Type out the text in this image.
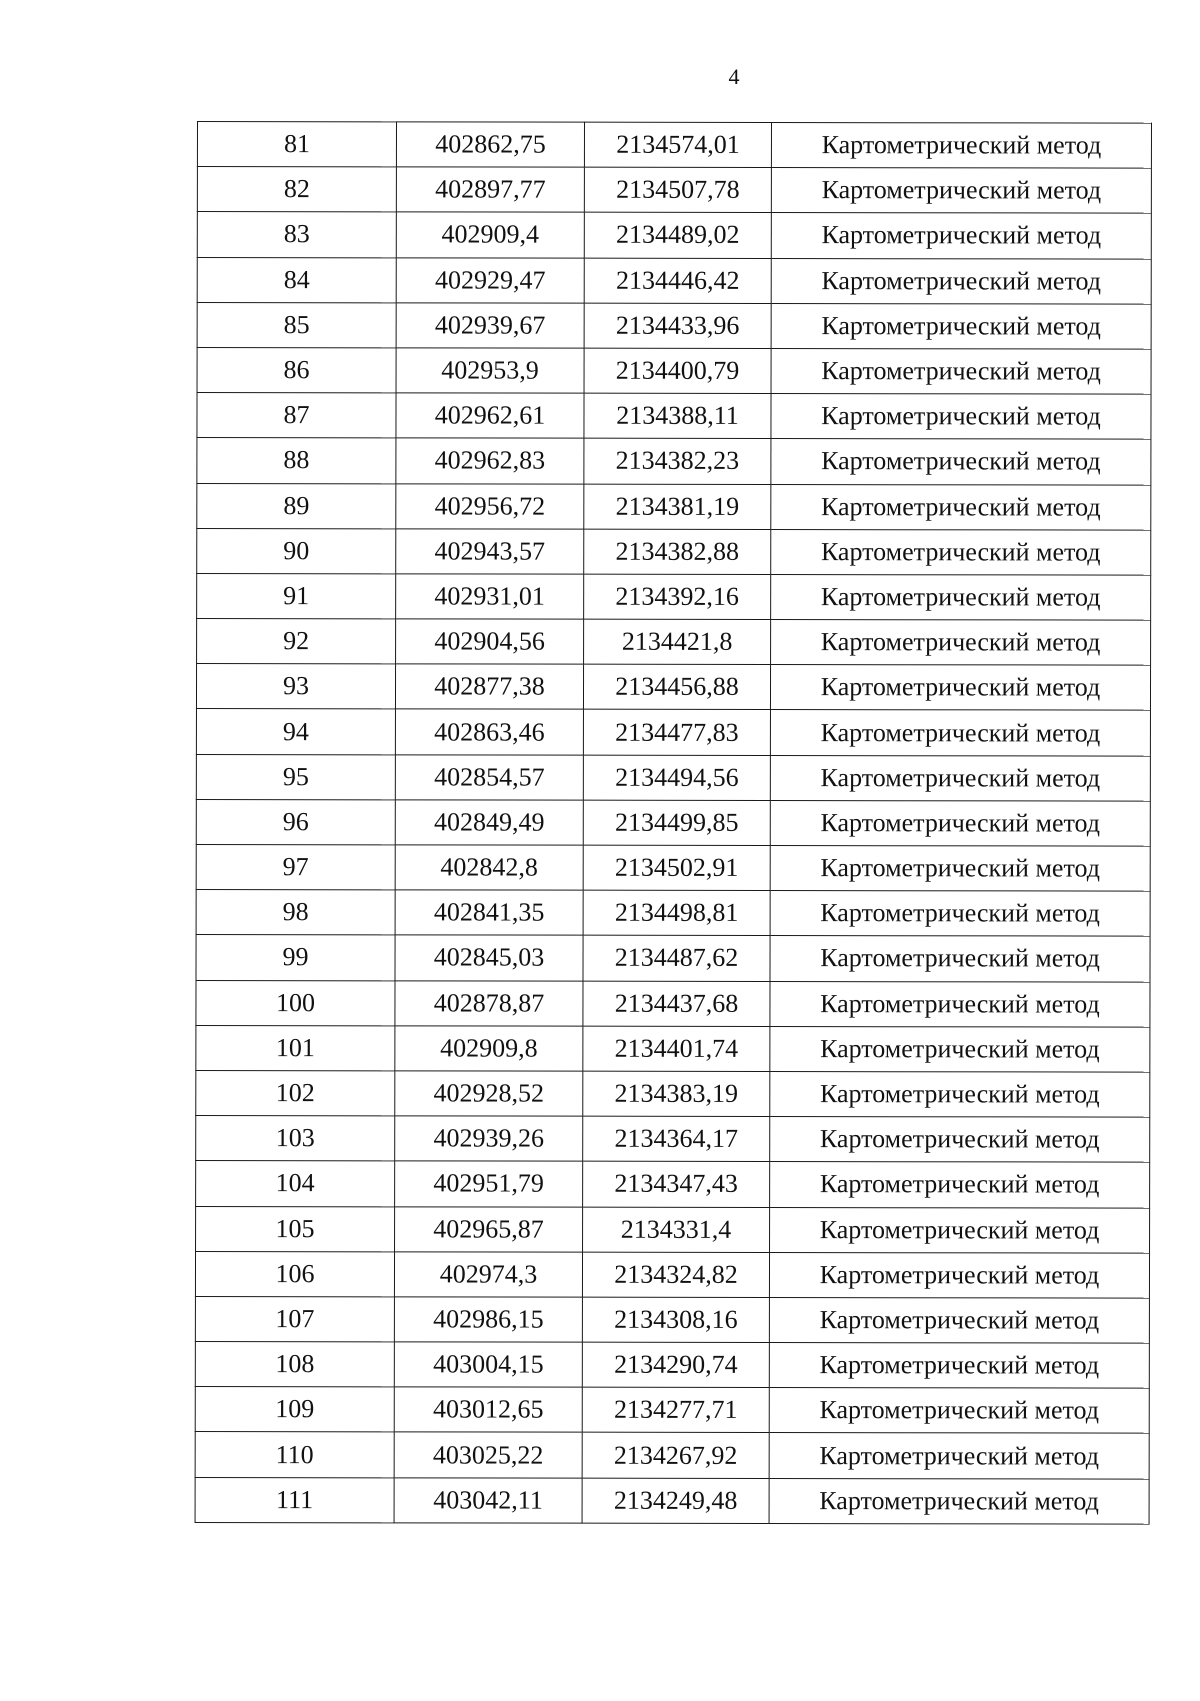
4
81	402862,75	2134574,01	Картометрический метод
82	402897,77	2134507,78	Картометрический метод
83	402909,4	2134489,02	Картометрический метод
84	402929,47	2134446,42	Картометрический метод
85	402939,67	2134433,96	Картометрический метод
86	402953,9	2134400,79	Картометрический метод
87	402962,61	2134388,11	Картометрический метод
88	402962,83	2134382,23	Картометрический метод
89	402956,72	2134381,19	Картометрический метод
90	402943,57	2134382,88	Картометрический метод
91	402931,01	2134392,16	Картометрический метод
92	402904,56	2134421,8	Картометрический метод
93	402877,38	2134456,88	Картометрический метод
94	402863,46	2134477,83	Картометрический метод
95	402854,57	2134494,56	Картометрический метод
96	402849,49	2134499,85	Картометрический метод
97	402842,8	2134502,91	Картометрический метод
98	402841,35	2134498,81	Картометрический метод
99	402845,03	2134487,62	Картометрический метод
100	402878,87	2134437,68	Картометрический метод
101	402909,8	2134401,74	Картометрический метод
102	402928,52	2134383,19	Картометрический метод
103	402939,26	2134364,17	Картометрический метод
104	402951,79	2134347,43	Картометрический метод
105	402965,87	2134331,4	Картометрический метод
106	402974,3	2134324,82	Картометрический метод
107	402986,15	2134308,16	Картометрический метод
108	403004,15	2134290,74	Картометрический метод
109	403012,65	2134277,71	Картометрический метод
110	403025,22	2134267,92	Картометрический метод
111	403042,11	2134249,48	Картометрический метод
